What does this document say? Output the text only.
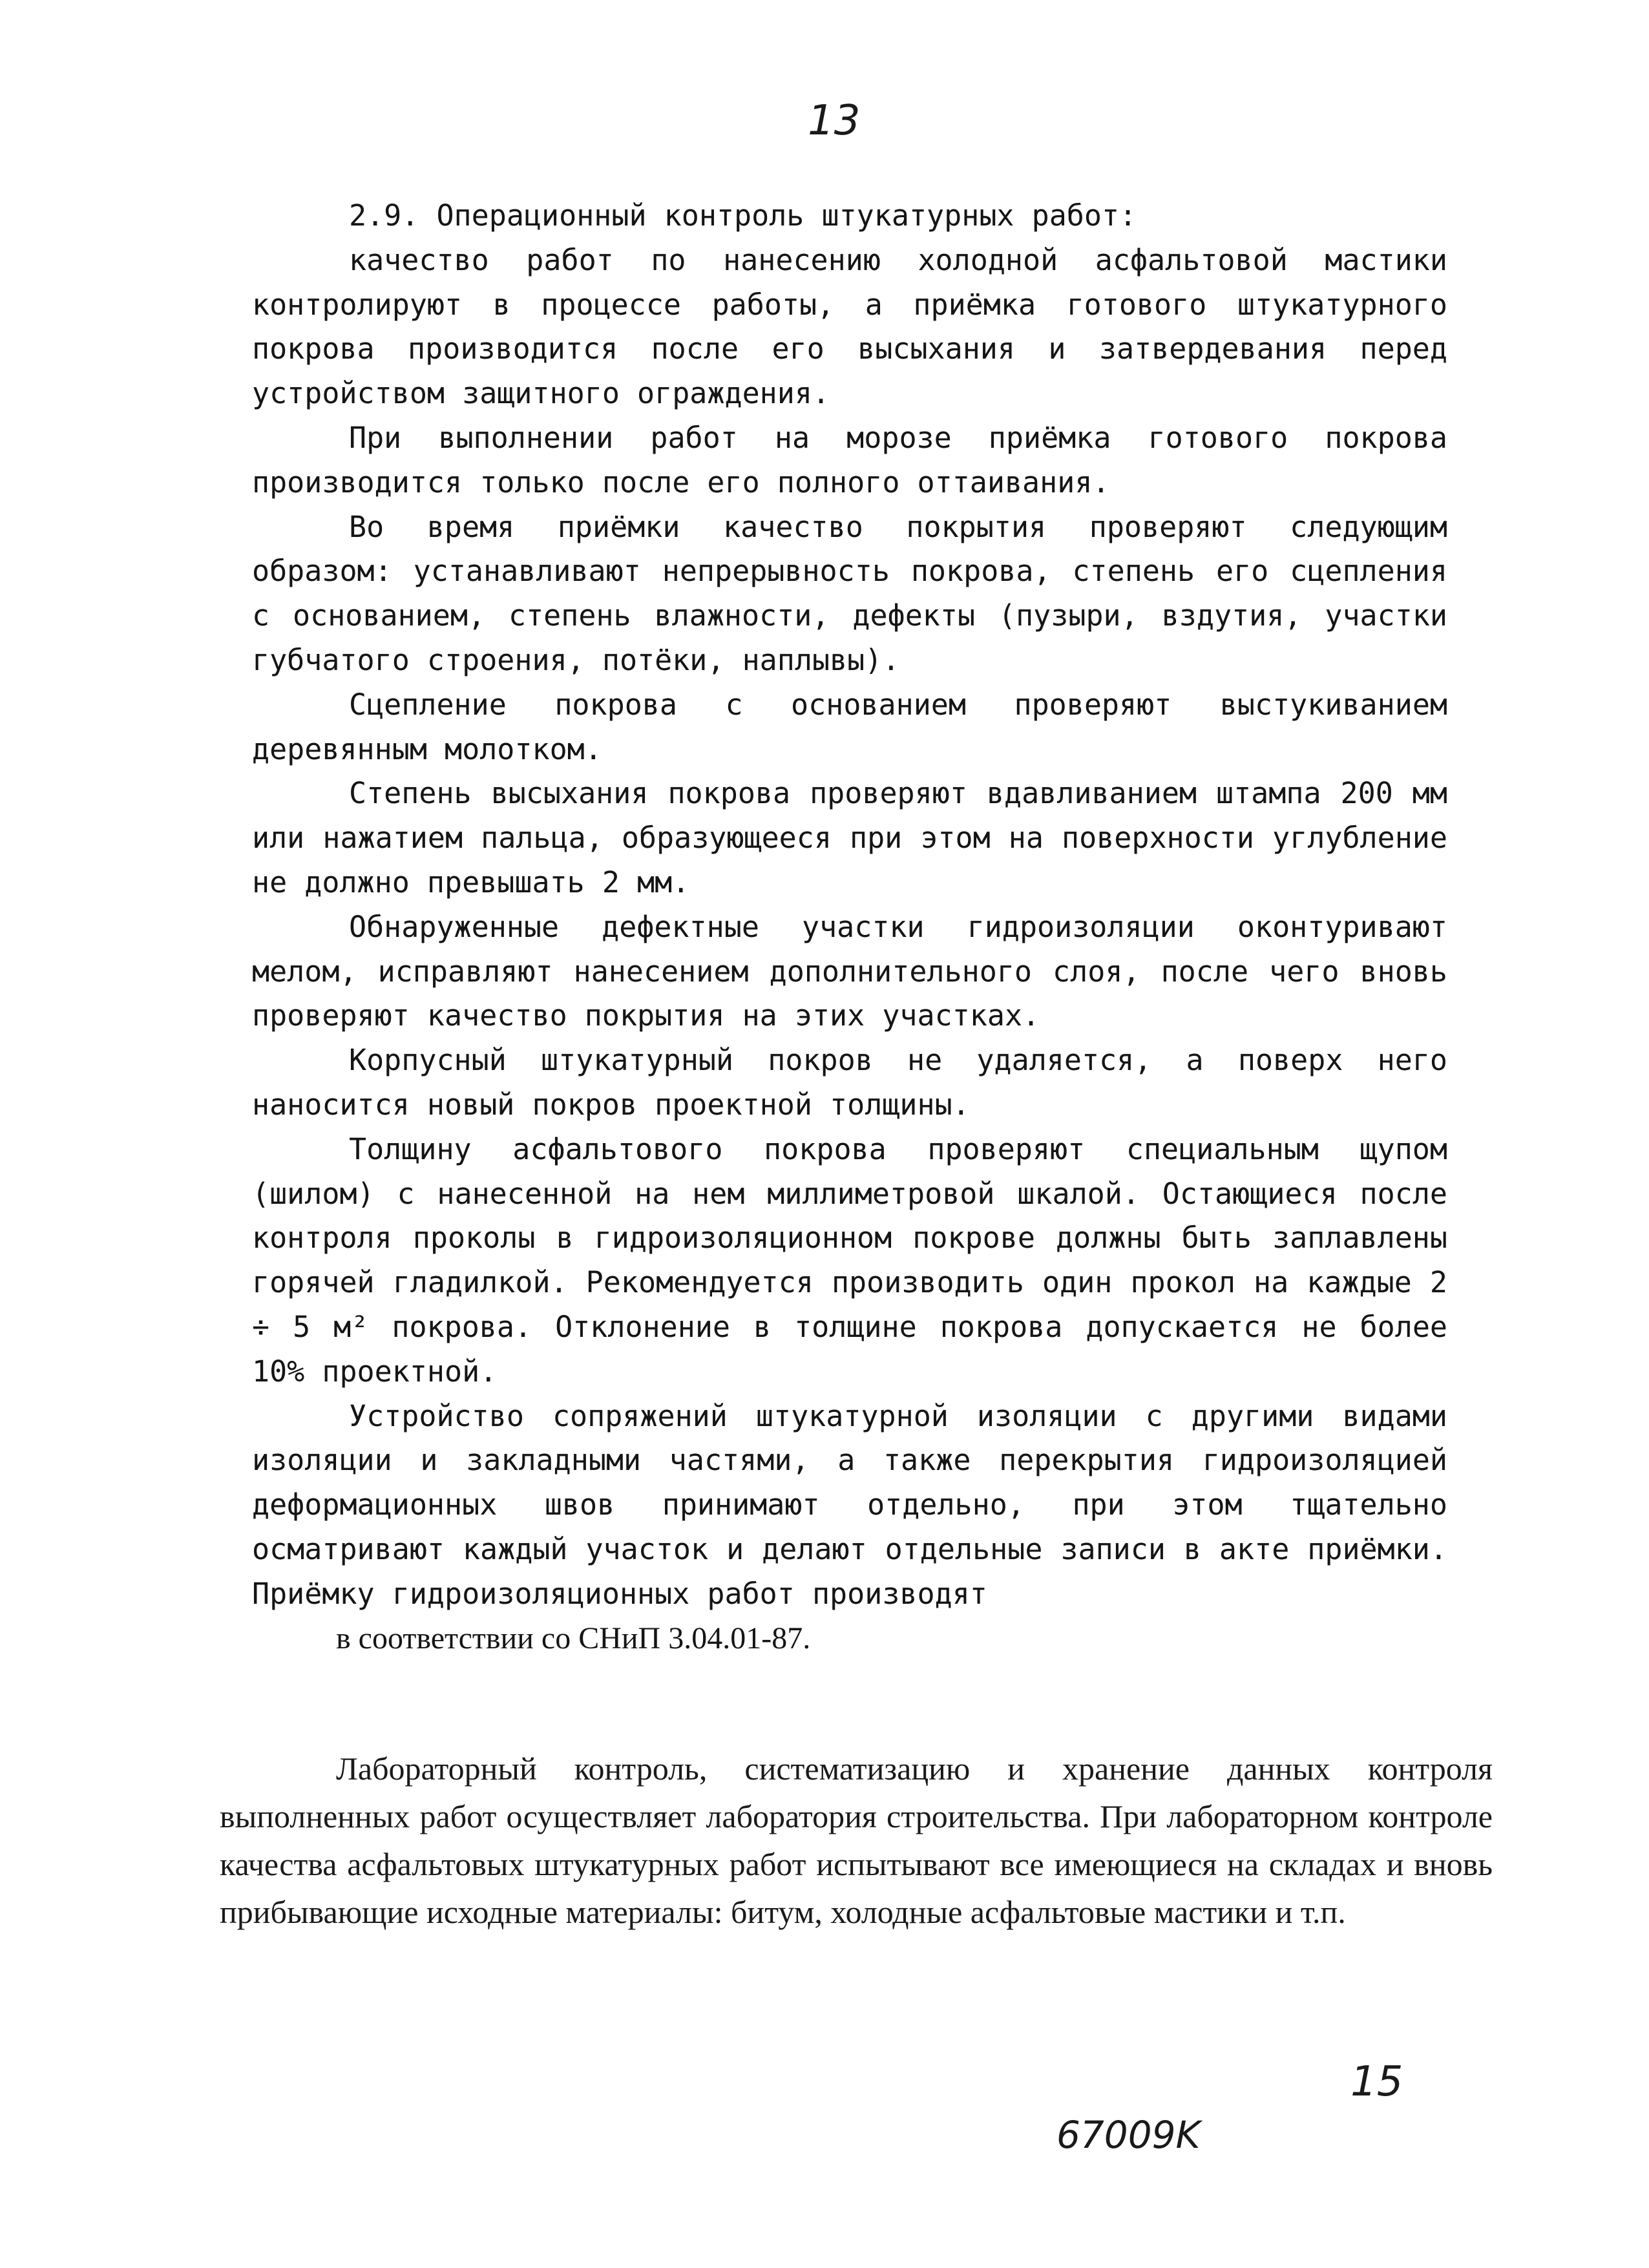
13

2.9. Операционный контроль штукатурных работ:

качество работ по нанесению холодной асфальтовой мастики контролируют в процессе работы, а приёмка готового штукатурного покрова производится после его высыхания и затвердевания перед устройством защитного ограждения.

При выполнении работ на морозе приёмка готового покрова производится только после его полного оттаивания.

Во время приёмки качество покрытия проверяют следующим образом: устанавливают непрерывность покрова, степень его сцепления с основанием, степень влажности, дефекты (пузыри, вздутия, участки губчатого строения, потёки, наплывы).

Сцепление покрова с основанием проверяют выстукиванием деревянным молотком.

Степень высыхания покрова проверяют вдавливанием штампа 200 мм или нажатием пальца, образующееся при этом на поверхности углубление не должно превышать 2 мм.

Обнаруженные дефектные участки гидроизоляции оконтуривают мелом, исправляют нанесением дополнительного слоя, после чего вновь проверяют качество покрытия на этих участках.

Корпусный штукатурный покров не удаляется, а поверх него наносится новый покров проектной толщины.

Толщину асфальтового покрова проверяют специальным щупом (шилом) с нанесенной на нем миллиметровой шкалой. Остающиеся после контроля проколы в гидроизоляционном покрове должны быть заплавлены горячей гладилкой. Рекомендуется производить один прокол на каждые 2 ÷ 5 м² покрова. Отклонение в толщине покрова допускается не более 10% проектной.

Устройство сопряжений штукатурной изоляции с другими видами изоляции и закладными частями, а также перекрытия гидроизоляцией деформационных швов принимают отдельно, при этом тщательно осматривают каждый участок и делают отдельные записи в акте приёмки. Приёмку гидроизоляционных работ производят

в соответствии со СНиП 3.04.01-87.

Лабораторный контроль, систематизацию и хранение данных контроля выполненных работ осуществляет лаборатория строительства. При лабораторном контроле качества асфальтовых штукатурных работ испытывают все имеющиеся на складах и вновь прибывающие исходные материалы: битум, холодные асфальтовые мастики и т.п.

15
67009K
